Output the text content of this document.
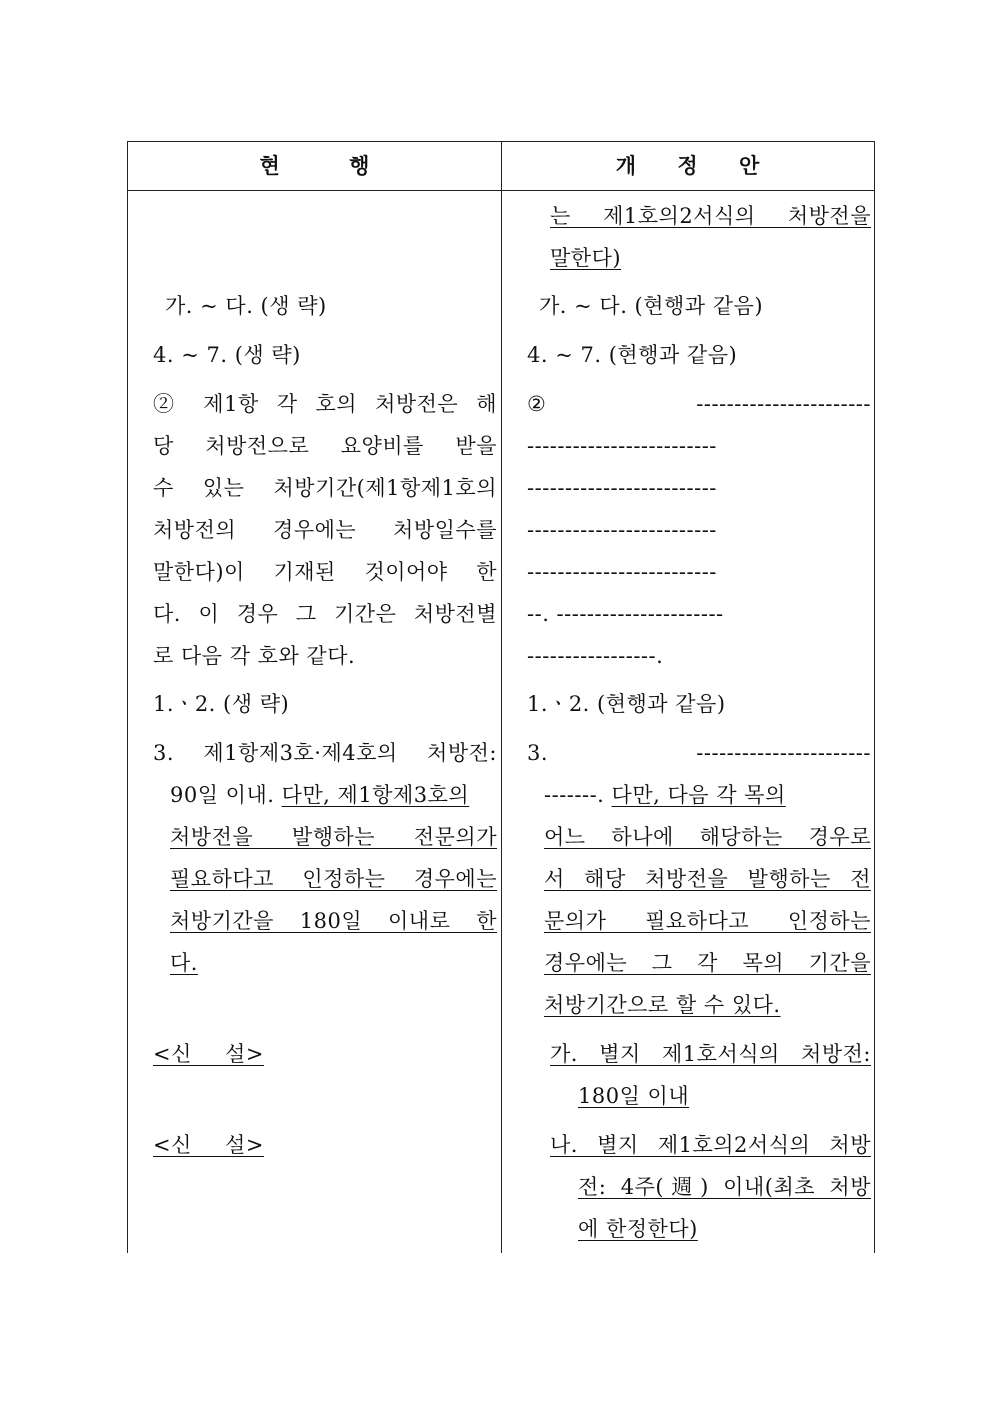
현 행	개 정 안
는 제1호의2서식의 처방전을
말한다)
가. ~ 다. (현행과 같음)
4. ~ 7. (현행과 같음)
② -----------------------
-------------------------
-------------------------
-------------------------
-------------------------
--. ----------------------
-----------------.
1.ㆍ2. (현행과 같음)
3. -----------------------
-------. 다만, 다음 각 목의
어느 하나에 해당하는 경우로
서 해당 처방전을 발행하는 전
문의가 필요하다고 인정하는
경우에는 그 각 목의 기간을
처방기간으로 할 수 있다.
가. 별지 제1호서식의 처방전:
180일 이내
나. 별지 제1호의2서식의 처방
전: 4주(週) 이내(최초 처방
에 한정한다)
가. ~ 다. (생 략)
4. ~ 7. (생 략)
② 제1항 각 호의 처방전은 해
당 처방전으로 요양비를 받을
수 있는 처방기간(제1항제1호의
처방전의 경우에는 처방일수를
말한다)이 기재된 것이어야 한
다. 이 경우 그 기간은 처방전별
로 다음 각 호와 같다.
1.ㆍ2. (생 략)
3. 제1항제3호·제4호의 처방전:
90일 이내. 다만, 제1항제3호의
처방전을 발행하는 전문의가
필요하다고 인정하는 경우에는
처방기간을 180일 이내로 한
다.
<신 설>
<신 설>
